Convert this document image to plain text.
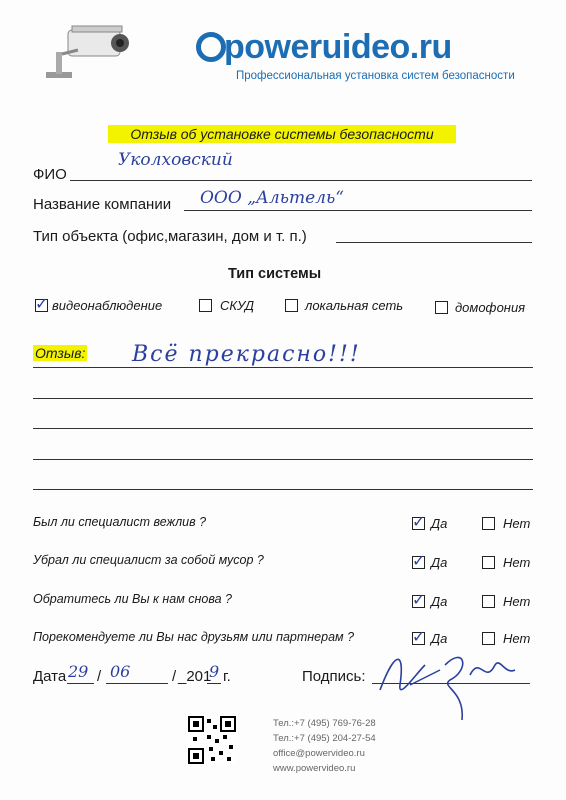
poweruideo.ru
Профессиональная установка систем безопасности
Отзыв об установке системы безопасности
ФИО
Уколховский
Название компании ООО „Альтель“
Тип объекта (офис,магазин, дом и т. п.)
Тип системы
✓ видеонаблюдение	СКУД	локальная сеть	домофония
Отзыв: Всё прекрасно!!!
Был ли специалист вежлив ?	✓ Да	Нет
Убрал ли специалист за собой мусор ?	✓ Да	Нет
Обратитесь ли Вы к нам снова ?	✓ Да	Нет
Порекомендуете ли Вы нас друзьям или партнерам ?	✓ Да	Нет
Дата 29 / 06	/ _201
9 г.	Подпись:
Тел.:+7 (495) 769-76-28
Тел.:+7 (495) 204-27-54
office@powervideo.ru
www.powervideo.ru
